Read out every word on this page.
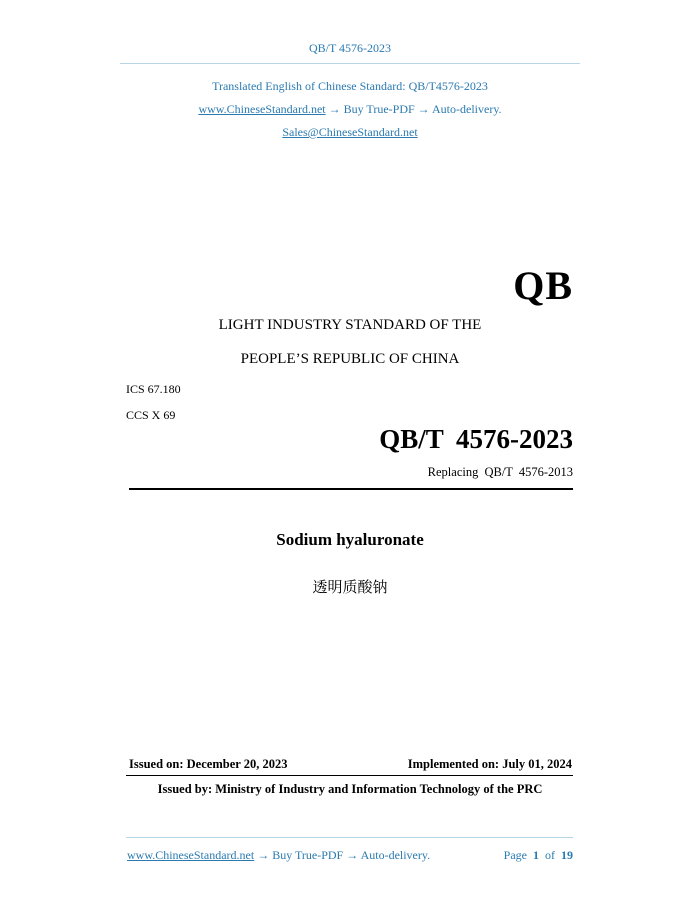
QB/T 4576-2023
Translated English of Chinese Standard: QB/T4576-2023
www.ChineseStandard.net → Buy True-PDF → Auto-delivery.
Sales@ChineseStandard.net
QB
LIGHT INDUSTRY STANDARD OF THE
PEOPLE’S REPUBLIC OF CHINA
ICS 67.180
CCS X 69
QB/T 4576-2023
Replacing QB/T 4576-2013
Sodium hyaluronate
透明质酸钠
Issued on: December 20, 2023	Implemented on: July 01, 2024
Issued by: Ministry of Industry and Information Technology of the PRC
www.ChineseStandard.net → Buy True-PDF → Auto-delivery.	Page 1 of 19
